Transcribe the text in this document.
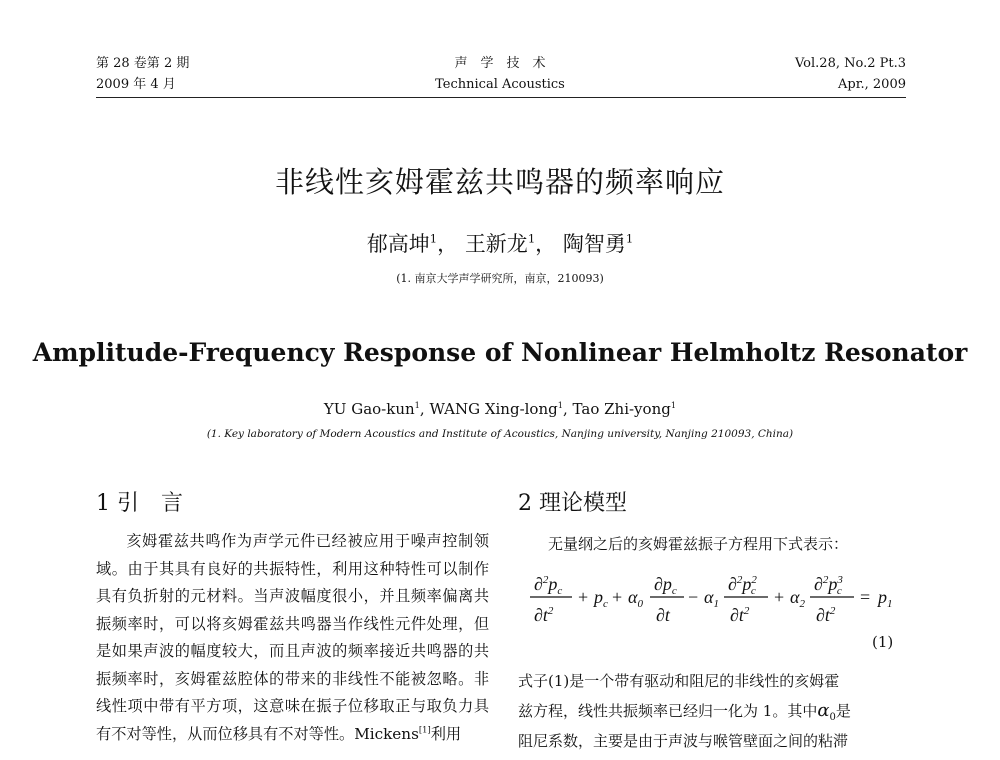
第 28 卷第 2 期
2009 年 4 月
声　学　技　术
Technical Acoustics
Vol.28, No.2 Pt.3
Apr., 2009
非线性亥姆霍兹共鸣器的频率响应
郁高坤$^1$， 王新龙$^1$， 陶智勇$^1$
(1. 南京大学声学研究所，南京，210093)
Amplitude-Frequency Response of Nonlinear Helmholtz Resonator
YU Gao-kun$^1$, WANG Xing-long$^1$, Tao Zhi-yong$^1$
(1. Key laboratory of Modern Acoustics and Institute of Acoustics, Nanjing university, Nanjing 210093, China)
1 引　言

亥姆霍兹共鸣作为声学元件已经被应用于噪声控制领域。由于其具有良好的共振特性，利用这种特性可以制作具有负折射的元材料。当声波幅度很小，并且频率偏离共振频率时，可以将亥姆霍兹共鸣器当作线性元件处理，但是如果声波的幅度较大，而且声波的频率接近共鸣器的共振频率时，亥姆霍兹腔体的带来的非线性不能被忽略。非线性项中带有平方项，这意味在振子位移取正与取负力具有不对等性，从而位移具有不对等性。Mickens[1]利用

2 理论模型
无量纲之后的亥姆霍兹振子方程用下式表示：
$\partial^2p_c$
$\partial t^2$
+ $p_c + \alpha_0$
$\partial p_c$
∂t
− $\alpha_1$
$\partial^2p^2$ c
$\partial t^2$
+ $\alpha_2$
$\partial^2p^3$ c
$\partial t^2$
= $p_1$
(1)
式子(1)是一个带有驱动和阻尼的非线性的亥姆霍
兹方程，线性共振频率已经归一化为 1。其中$\alpha_0$是
阻尼系数，主要是由于声波与喉管壁面之间的粘滞
